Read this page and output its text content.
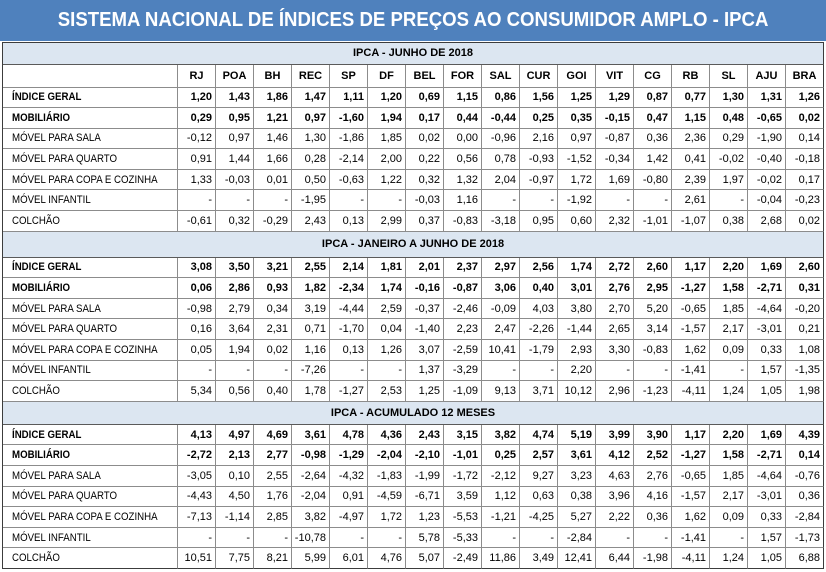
SISTEMA NACIONAL DE ÍNDICES DE PREÇOS AO CONSUMIDOR AMPLO - IPCA
IPCA - JUNHO DE 2018
RJ	POA	BH	REC	SP	DF	BEL	FOR	SAL	CUR	GOI	VIT	CG	RB	SL	AJU	BRA
ÍNDICE GERAL	1,20	1,43	1,86	1,47	1,11	1,20	0,69	1,15	0,86	1,56	1,25	1,29	0,87	0,77	1,30	1,31	1,26
MOBILIÁRIO	0,29	0,95	1,21	0,97	-1,60	1,94	0,17	0,44	-0,44	0,25	0,35	-0,15	0,47	1,15	0,48	-0,65	0,02
MÓVEL PARA SALA	-0,12	0,97	1,46	1,30	-1,86	1,85	0,02	0,00	-0,96	2,16	0,97	-0,87	0,36	2,36	0,29	-1,90	0,14
MÓVEL PARA QUARTO	0,91	1,44	1,66	0,28	-2,14	2,00	0,22	0,56	0,78	-0,93	-1,52	-0,34	1,42	0,41	-0,02	-0,40	-0,18
MÓVEL PARA COPA E COZINHA	1,33	-0,03	0,01	0,50	-0,63	1,22	0,32	1,32	2,04	-0,97	1,72	1,69	-0,80	2,39	1,97	-0,02	0,17
MÓVEL INFANTIL	-	-	-	-1,95	-	-	-0,03	1,16	-	-	-1,92	-	-	2,61	-	-0,04	-0,23
COLCHÃO	-0,61	0,32	-0,29	2,43	0,13	2,99	0,37	-0,83	-3,18	0,95	0,60	2,32	-1,01	-1,07	0,38	2,68	0,02
IPCA - JANEIRO A JUNHO DE 2018
ÍNDICE GERAL	3,08	3,50	3,21	2,55	2,14	1,81	2,01	2,37	2,97	2,56	1,74	2,72	2,60	1,17	2,20	1,69	2,60
MOBILIÁRIO	0,06	2,86	0,93	1,82	-2,34	1,74	-0,16	-0,87	3,06	0,40	3,01	2,76	2,95	-1,27	1,58	-2,71	0,31
MÓVEL PARA SALA	-0,98	2,79	0,34	3,19	-4,44	2,59	-0,37	-2,46	-0,09	4,03	3,80	2,70	5,20	-0,65	1,85	-4,64	-0,20
MÓVEL PARA QUARTO	0,16	3,64	2,31	0,71	-1,70	0,04	-1,40	2,23	2,47	-2,26	-1,44	2,65	3,14	-1,57	2,17	-3,01	0,21
MÓVEL PARA COPA E COZINHA	0,05	1,94	0,02	1,16	0,13	1,26	3,07	-2,59 10,41	-1,79	2,93	3,30	-0,83	1,62	0,09	0,33	1,08
MÓVEL INFANTIL	-	-	-	-7,26	-	-	1,37	-3,29	-	-	2,20	-	-	-1,41	-	1,57	-1,35
COLCHÃO	5,34	0,56	0,40	1,78	-1,27	2,53	1,25	-1,09	9,13	3,71 10,12	2,96	-1,23	-4,11	1,24	1,05	1,98
IPCA - ACUMULADO 12 MESES
ÍNDICE GERAL	4,13	4,97	4,69	3,61	4,78	4,36	2,43	3,15	3,82	4,74	5,19	3,99	3,90	1,17	2,20	1,69	4,39
MOBILIÁRIO	-2,72	2,13	2,77	-0,98	-1,29	-2,04	-2,10	-1,01	0,25	2,57	3,61	4,12	2,52	-1,27	1,58	-2,71	0,14
MÓVEL PARA SALA	-3,05	0,10	2,55	-2,64	-4,32	-1,83	-1,99	-1,72	-2,12	9,27	3,23	4,63	2,76	-0,65	1,85	-4,64	-0,76
MÓVEL PARA QUARTO	-4,43	4,50	1,76	-2,04	0,91	-4,59	-6,71	3,59	1,12	0,63	0,38	3,96	4,16	-1,57	2,17	-3,01	0,36
MÓVEL PARA COPA E COZINHA	-7,13	-1,14	2,85	3,82	-4,97	1,72	1,23	-5,53	-1,21	-4,25	5,27	2,22	0,36	1,62	0,09	0,33	-2,84
MÓVEL INFANTIL	-	-	- -10,78	-	-	5,78	-5,33	-	-	-2,84	-	-	-1,41	-	1,57	-1,73
COLCHÃO	10,51	7,75	8,21	5,99	6,01	4,76	5,07	-2,49	11,86	3,49 12,41	6,44	-1,98	-4,11	1,24	1,05	6,88
